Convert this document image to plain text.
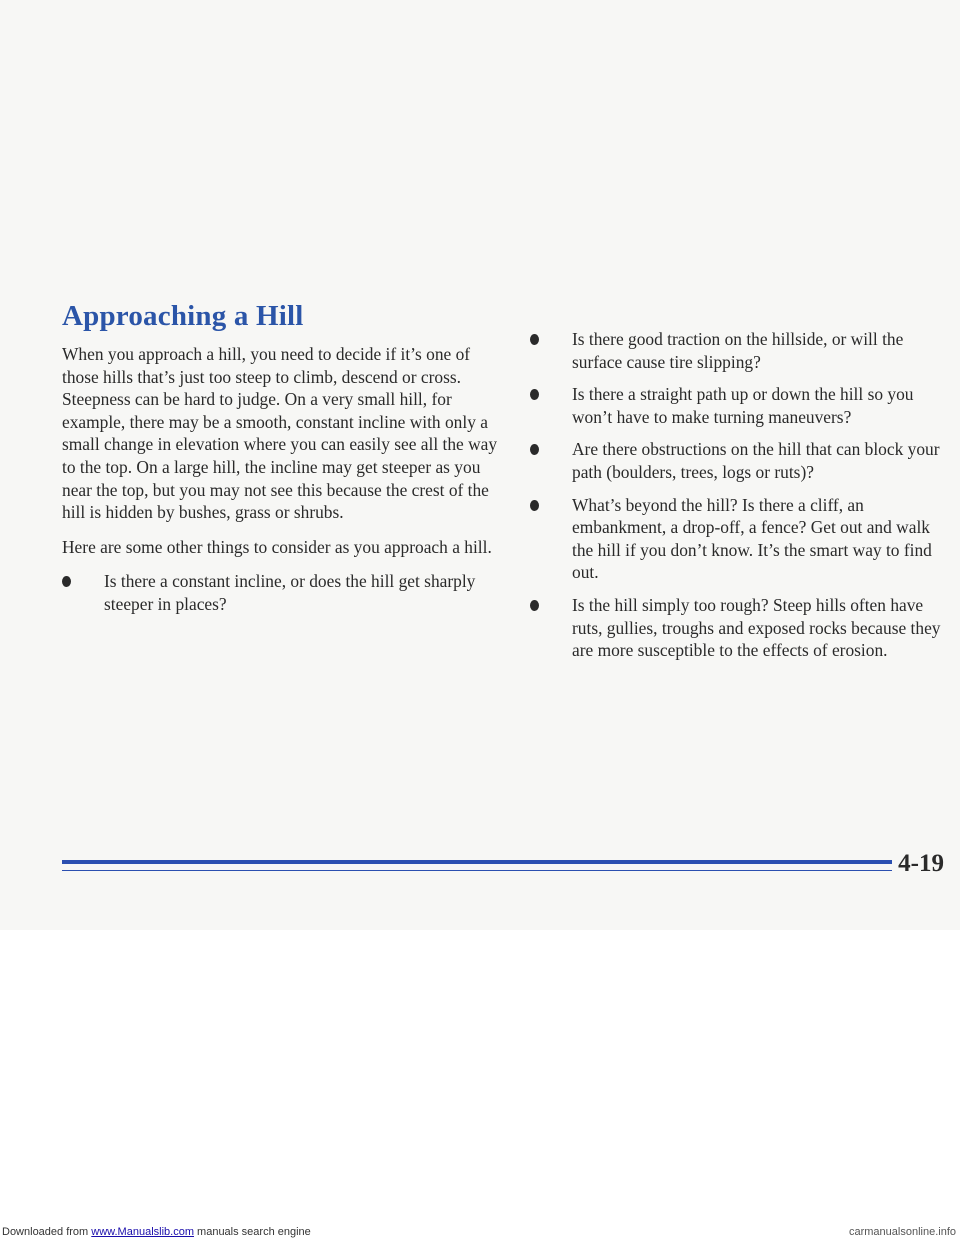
Approaching a Hill

When you approach a hill, you need to decide if it’s one of those hills that’s just too steep to climb, descend or cross. Steepness can be hard to judge. On a very small hill, for example, there may be a smooth, constant incline with only a small change in elevation where you can easily see all the way to the top. On a large hill, the incline may get steeper as you near the top, but you may not see this because the crest of the hill is hidden by bushes, grass or shrubs.

Here are some other things to consider as you approach a hill.

Is there a constant incline, or does the hill get sharply steeper in places?
Is there good traction on the hillside, or will the surface cause tire slipping?
Is there a straight path up or down the hill so you won’t have to make turning maneuvers?
Are there obstructions on the hill that can block your path (boulders, trees, logs or ruts)?
What’s beyond the hill? Is there a cliff, an embankment, a drop-off, a fence? Get out and walk the hill if you don’t know. It’s the smart way to find out.
Is the hill simply too rough? Steep hills often have ruts, gullies, troughs and exposed rocks because they are more susceptible to the effects of erosion.
4-19
Downloaded from www.Manualslib.com manuals search engine	carmanualsonline.info
